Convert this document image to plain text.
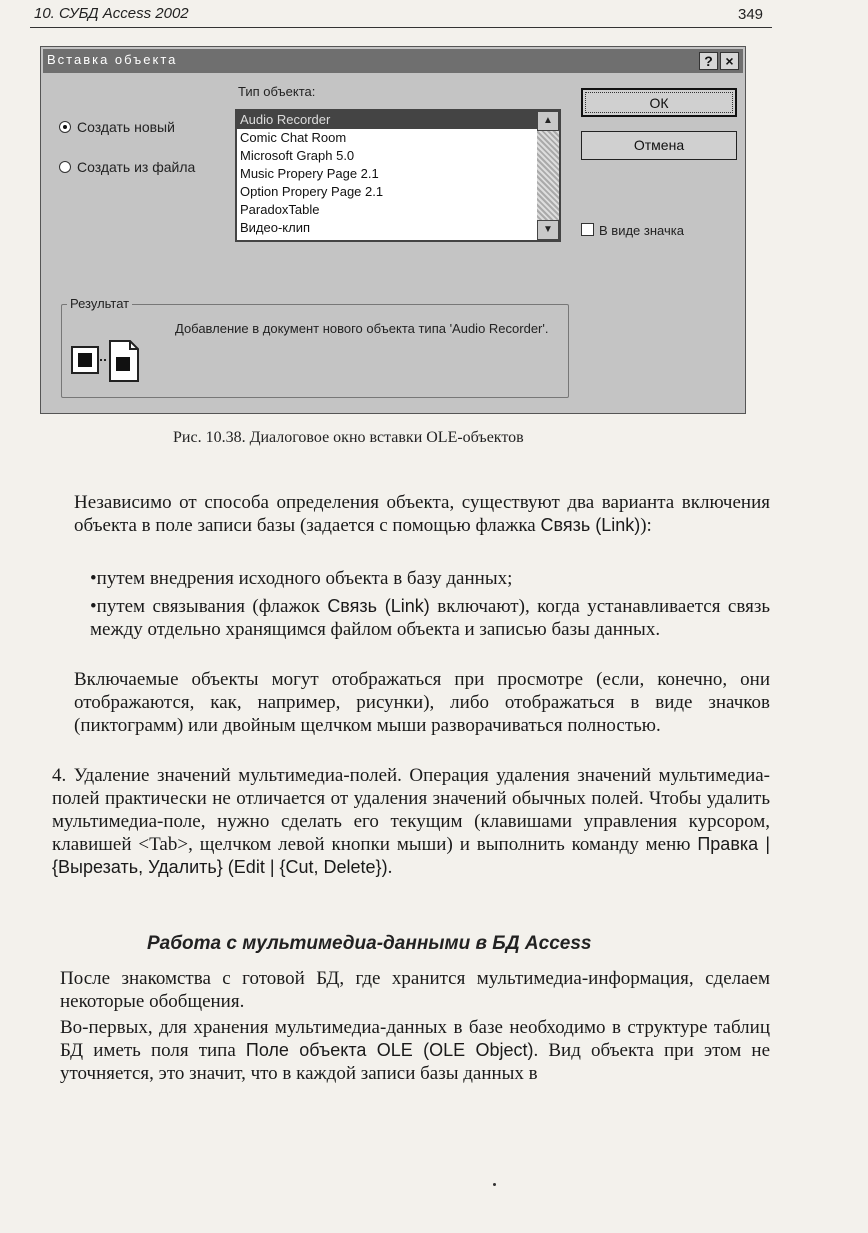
10. СУБД Access 2002	349
Вставка объекта	? ×
Создать новый
Создать из файла
Тип объекта:
Audio Recorder
Comic Chat Room
Microsoft Graph 5.0
Music Propery Page 2.1
Option Propery Page 2.1
ParadoxTable
Видео-клип
▲
▼
ОК
Отмена
В виде значка
Результат
Добавление в документ нового объекта типа 'Audio Recorder'.
Рис. 10.38. Диалоговое окно вставки OLE-объектов
Независимо от способа определения объекта, существуют два варианта включения объекта в поле записи базы (задается с помощью флажка Связь (Link)):
•путем внедрения исходного объекта в базу данных;
•путем связывания (флажок Связь (Link) включают), когда устанавливается связь между отдельно хранящимся файлом объекта и записью базы данных.
Включаемые объекты могут отображаться при просмотре (если, конечно, они отображаются, как, например, рисунки), либо отображаться в виде значков (пиктограмм) или двойным щелчком мыши разворачиваться полностью.
4. Удаление значений мультимедиа-полей. Операция удаления значений мультимедиа-полей практически не отличается от удаления значений обычных полей. Чтобы удалить мультимедиа-поле, нужно сделать его текущим (клавишами управления курсором, клавишей <Tab>, щелчком левой кнопки мыши) и выполнить команду меню Правка | {Вырезать, Удалить} (Edit | {Cut, Delete}).
Работа с мультимедиа-данными в БД Access
После знакомства с готовой БД, где хранится мультимедиа-информация, сделаем некоторые обобщения.
Во-первых, для хранения мультимедиа-данных в базе необходимо в структуре таблиц БД иметь поля типа Поле объекта OLE (OLE Object). Вид объекта при этом не уточняется, это значит, что в каждой записи базы данных в
